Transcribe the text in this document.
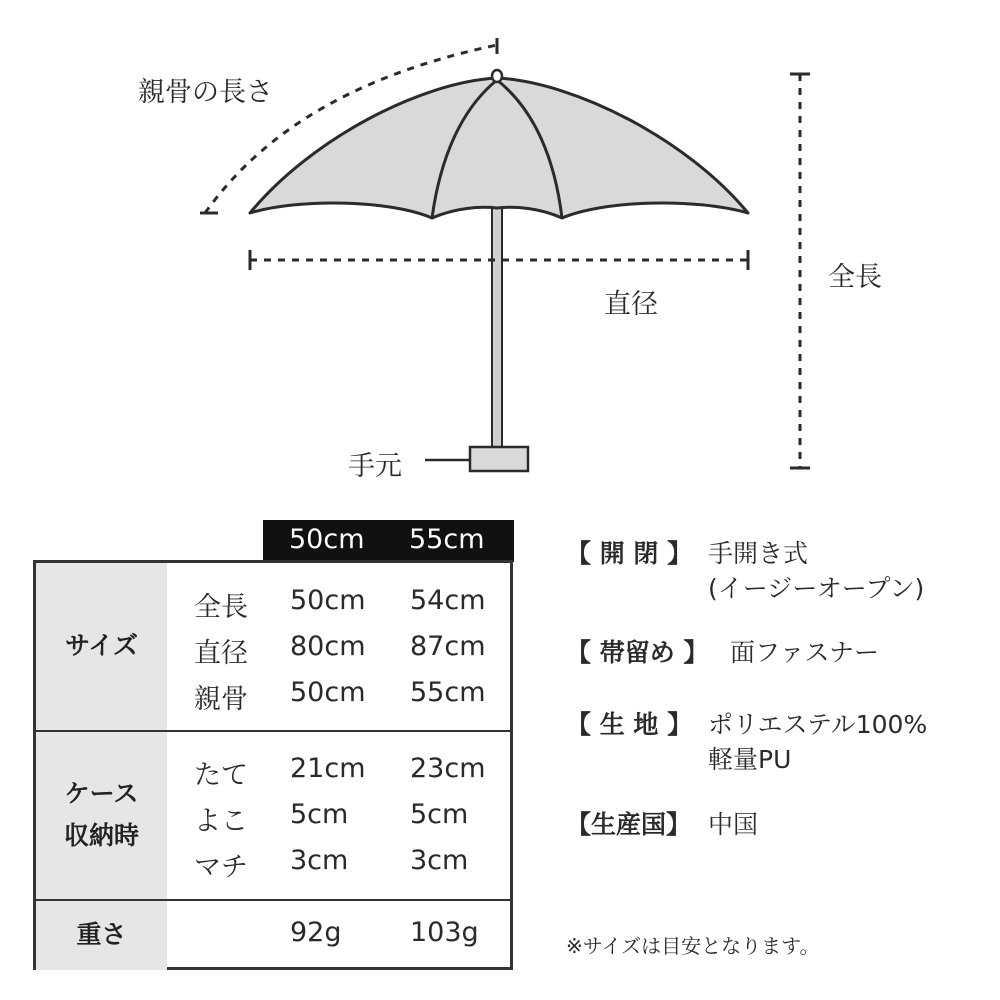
親骨の長さ
直径
全長
手元
50cm 55cm
サイズ
ケース
収納時
重さ
全長 50cm 54cm
直径 80cm 87cm
親骨 50cm 55cm
たて 21cm 23cm
よこ 5cm 5cm
マチ 3cm 3cm
92g	103g
【 開 閉 】 手開き式
(イージーオープン)
【 帯留め 】 面ファスナー
【 生 地 】 ポリエステル100%
軽量PU
【生産国】 中国
※サイズは目安となります。
